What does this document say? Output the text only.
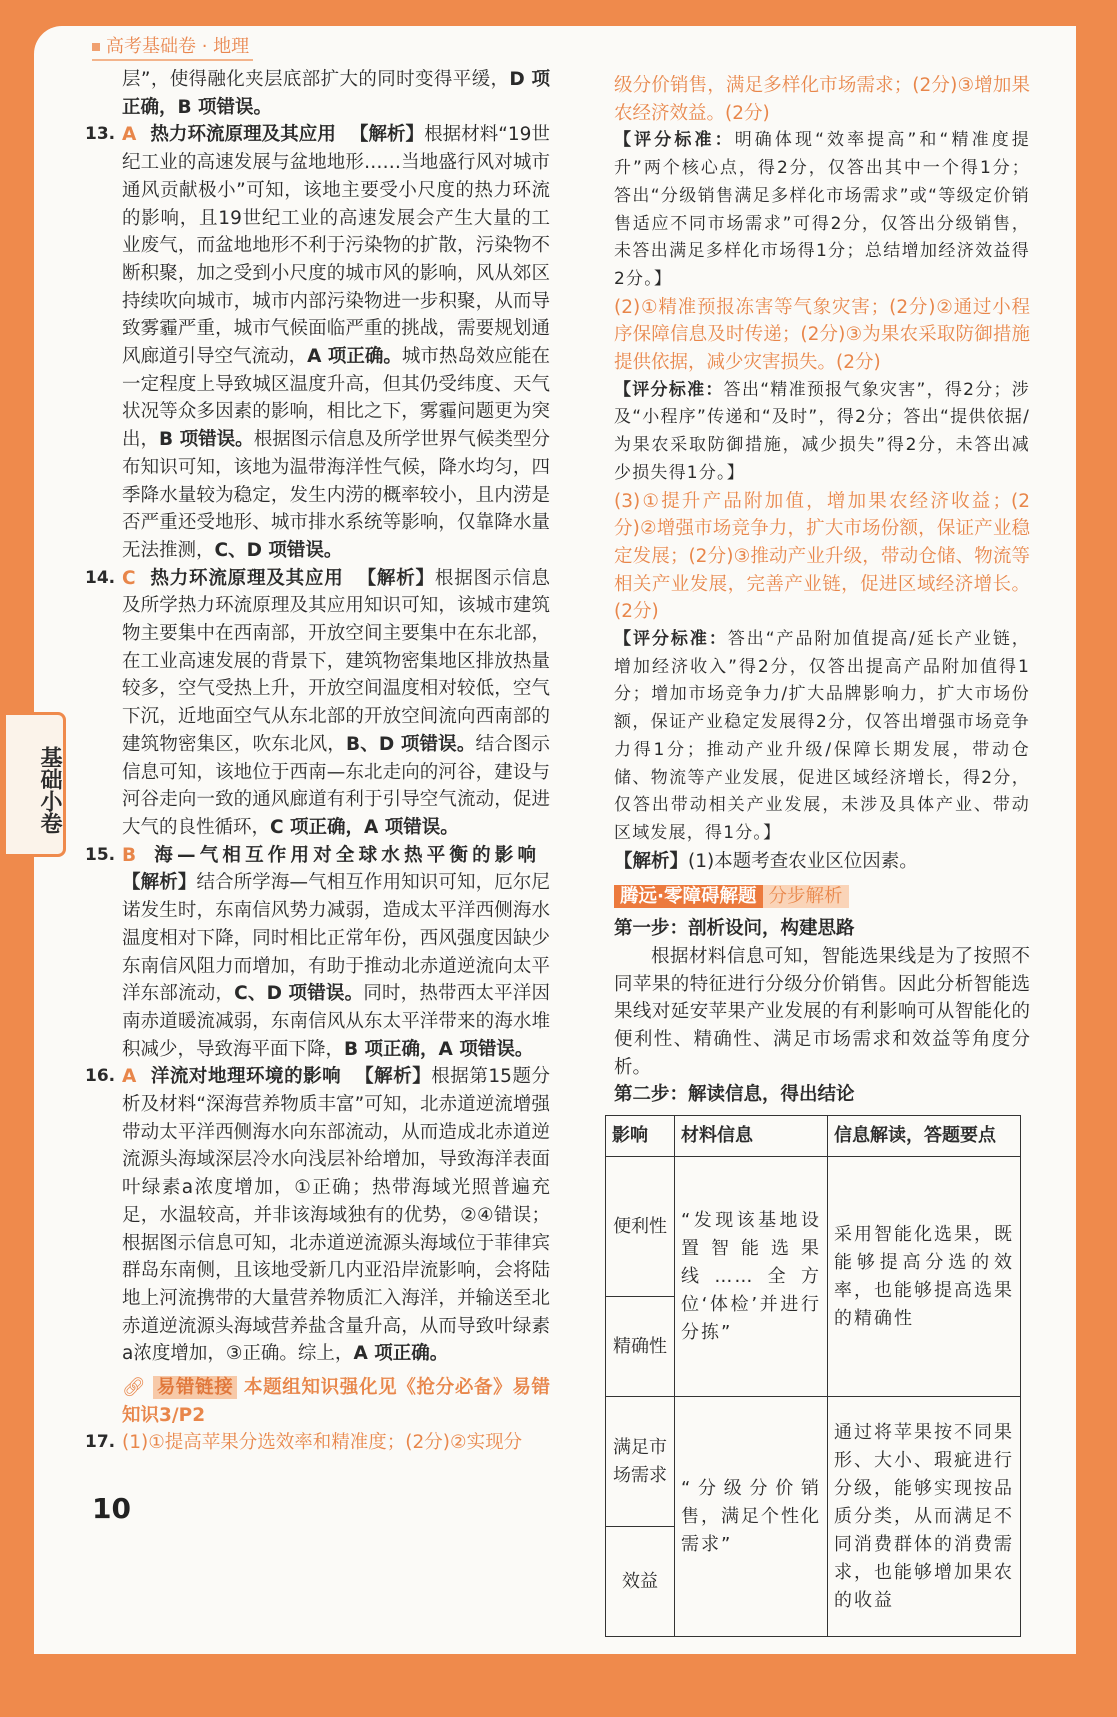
高考基础卷 · 地理

层”，使得融化夹层底部扩大的同时变得平缓，D 项正确，B 项错误。

13. A 热力环流原理及其应用 【解析】根据材料“19世纪工业的高速发展与盆地地形……当地盛行风对城市通风贡献极小”可知，该地主要受小尺度的热力环流的影响，且19世纪工业的高速发展会产生大量的工业废气，而盆地地形不利于污染物的扩散，污染物不断积聚，加之受到小尺度的城市风的影响，风从郊区持续吹向城市，城市内部污染物进一步积聚，从而导致雾霾严重，城市气候面临严重的挑战，需要规划通风廊道引导空气流动，A 项正确。城市热岛效应能在一定程度上导致城区温度升高，但其仍受纬度、天气状况等众多因素的影响，相比之下，雾霾问题更为突出，B 项错误。根据图示信息及所学世界气候类型分布知识可知，该地为温带海洋性气候，降水均匀，四季降水量较为稳定，发生内涝的概率较小，且内涝是否严重还受地形、城市排水系统等影响，仅靠降水量无法推测，C、D 项错误。

14. C 热力环流原理及其应用 【解析】根据图示信息及所学热力环流原理及其应用知识可知，该城市建筑物主要集中在西南部，开放空间主要集中在东北部，在工业高速发展的背景下，建筑物密集地区排放热量较多，空气受热上升，开放空间温度相对较低，空气下沉，近地面空气从东北部的开放空间流向西南部的建筑物密集区，吹东北风，B、D 项错误。结合图示信息可知，该地位于西南—东北走向的河谷，建设与河谷走向一致的通风廊道有利于引导空气流动，促进大气的良性循环，C 项正确，A 项错误。

15. B 海—气相互作用对全球水热平衡的影响【解析】结合所学海—气相互作用知识可知，厄尔尼诺发生时，东南信风势力减弱，造成太平洋西侧海水温度相对下降，同时相比正常年份，西风强度因缺少东南信风阻力而增加，有助于推动北赤道逆流向太平洋东部流动，C、D 项错误。同时，热带西太平洋因南赤道暖流减弱，东南信风从东太平洋带来的海水堆积减少，导致海平面下降，B 项正确，A 项错误。

16. A 洋流对地理环境的影响 【解析】根据第15题分析及材料“深海营养物质丰富”可知，北赤道逆流增强带动太平洋西侧海水向东部流动，从而造成北赤道逆流源头海域深层冷水向浅层补给增加，导致海洋表面叶绿素a浓度增加，①正确；热带海域光照普遍充足，水温较高，并非该海域独有的优势，②④错误；根据图示信息可知，北赤道逆流源头海域位于菲律宾群岛东南侧，且该地受新几内亚沿岸流影响，会将陆地上河流携带的大量营养物质汇入海洋，并输送至北赤道逆流源头海域营养盐含量升高，从而导致叶绿素a浓度增加，③正确。综上，A 项正确。

🔗︎ 易错链接 本题组知识强化见《抢分必备》易错知识3/P2

17. (1)①提高苹果分选效率和精准度；(2分)②实现分

10

级分价销售，满足多样化市场需求；(2分)③增加果农经济效益。(2分)

【评分标准：明确体现“效率提高”和“精准度提升”两个核心点，得2分，仅答出其中一个得1分；答出“分级销售满足多样化市场需求”或“等级定价销售适应不同市场需求”可得2分，仅答出分级销售，未答出满足多样化市场得1分；总结增加经济效益得2分。】

(2)①精准预报冻害等气象灾害；(2分)②通过小程序保障信息及时传递；(2分)③为果农采取防御措施提供依据，减少灾害损失。(2分)

【评分标准：答出“精准预报气象灾害”，得2分；涉及“小程序”传递和“及时”，得2分；答出“提供依据/为果农采取防御措施，减少损失”得2分，未答出减少损失得1分。】

(3)①提升产品附加值，增加果农经济收益；(2分)②增强市场竞争力，扩大市场份额，保证产业稳定发展；(2分)③推动产业升级，带动仓储、物流等相关产业发展，完善产业链，促进区域经济增长。(2分)

【评分标准：答出“产品附加值提高/延长产业链，增加经济收入”得2分，仅答出提高产品附加值得1分；增加市场竞争力/扩大品牌影响力，扩大市场份额，保证产业稳定发展得2分，仅答出增强市场竞争力得1分；推动产业升级/保障长期发展，带动仓储、物流等产业发展，促进区域经济增长，得2分，仅答出带动相关产业发展，未涉及具体产业、带动区域发展，得1分。】

【解析】(1)本题考查农业区位因素。

腾远·零障碍解题 分步解析

第一步：剖析设问，构建思路

根据材料信息可知，智能选果线是为了按照不同苹果的特征进行分级分价销售。因此分析智能选果线对延安苹果产业发展的有利影响可从智能化的便利性、精确性、满足市场需求和效益等角度分析。

第二步：解读信息，得出结论

影响	材料信息	信息解读，答题要点
便利性	“发现该基地设置智能选果线……全方位‘体检’并进行分拣”	采用智能化选果，既能够提高分选的效率，也能够提高选果的精确性
精确性		
满足市场需求	“分级分价销售，满足个性化需求”	通过将苹果按不同果形、大小、瑕疵进行分级，能够实现按品质分类，从而满足不同消费群体的消费需求，也能够增加果农的收益
效益		
基础小卷
